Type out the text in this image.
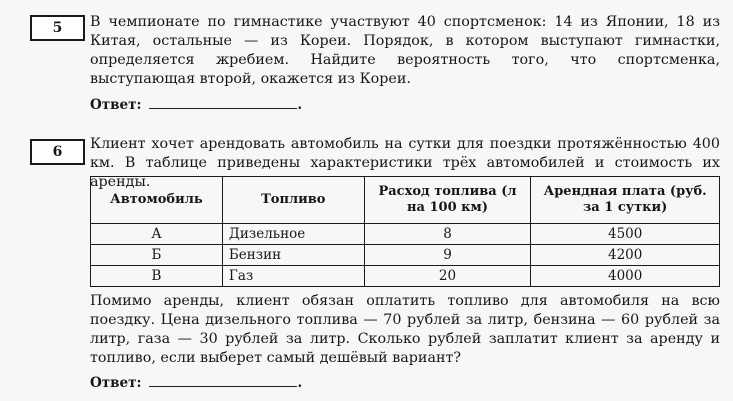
5	В чемпионате по гимнастике участвуют 40 спортсменок: 14 из Японии, 18 из Китая, остальные — из Кореи. Порядок, в котором выступают гимнастки, определяется жребием. Найдите вероятность того, что спортсменка, выступающая второй, окажется из Кореи.

Ответ:	.
6	Клиент хочет арендовать автомобиль на сутки для поездки протяжённостью 400 км. В таблице приведены характеристики трёх автомобилей и стоимость их аренды.

Автомобиль	Топливо	Расход топлива (л на 100 км)	Арендная плата (руб. за 1 сутки)
А	Дизельное	8	4500
Б	Бензин	9	4200
В	Газ	20	4000

Помимо аренды, клиент обязан оплатить топливо для автомобиля на всю поездку. Цена дизельного топлива — 70 рублей за литр, бензина — 60 рублей за литр, газа — 30 рублей за литр. Сколько рублей заплатит клиент за аренду и топливо, если выберет самый дешёвый вариант?

Ответ:	.
